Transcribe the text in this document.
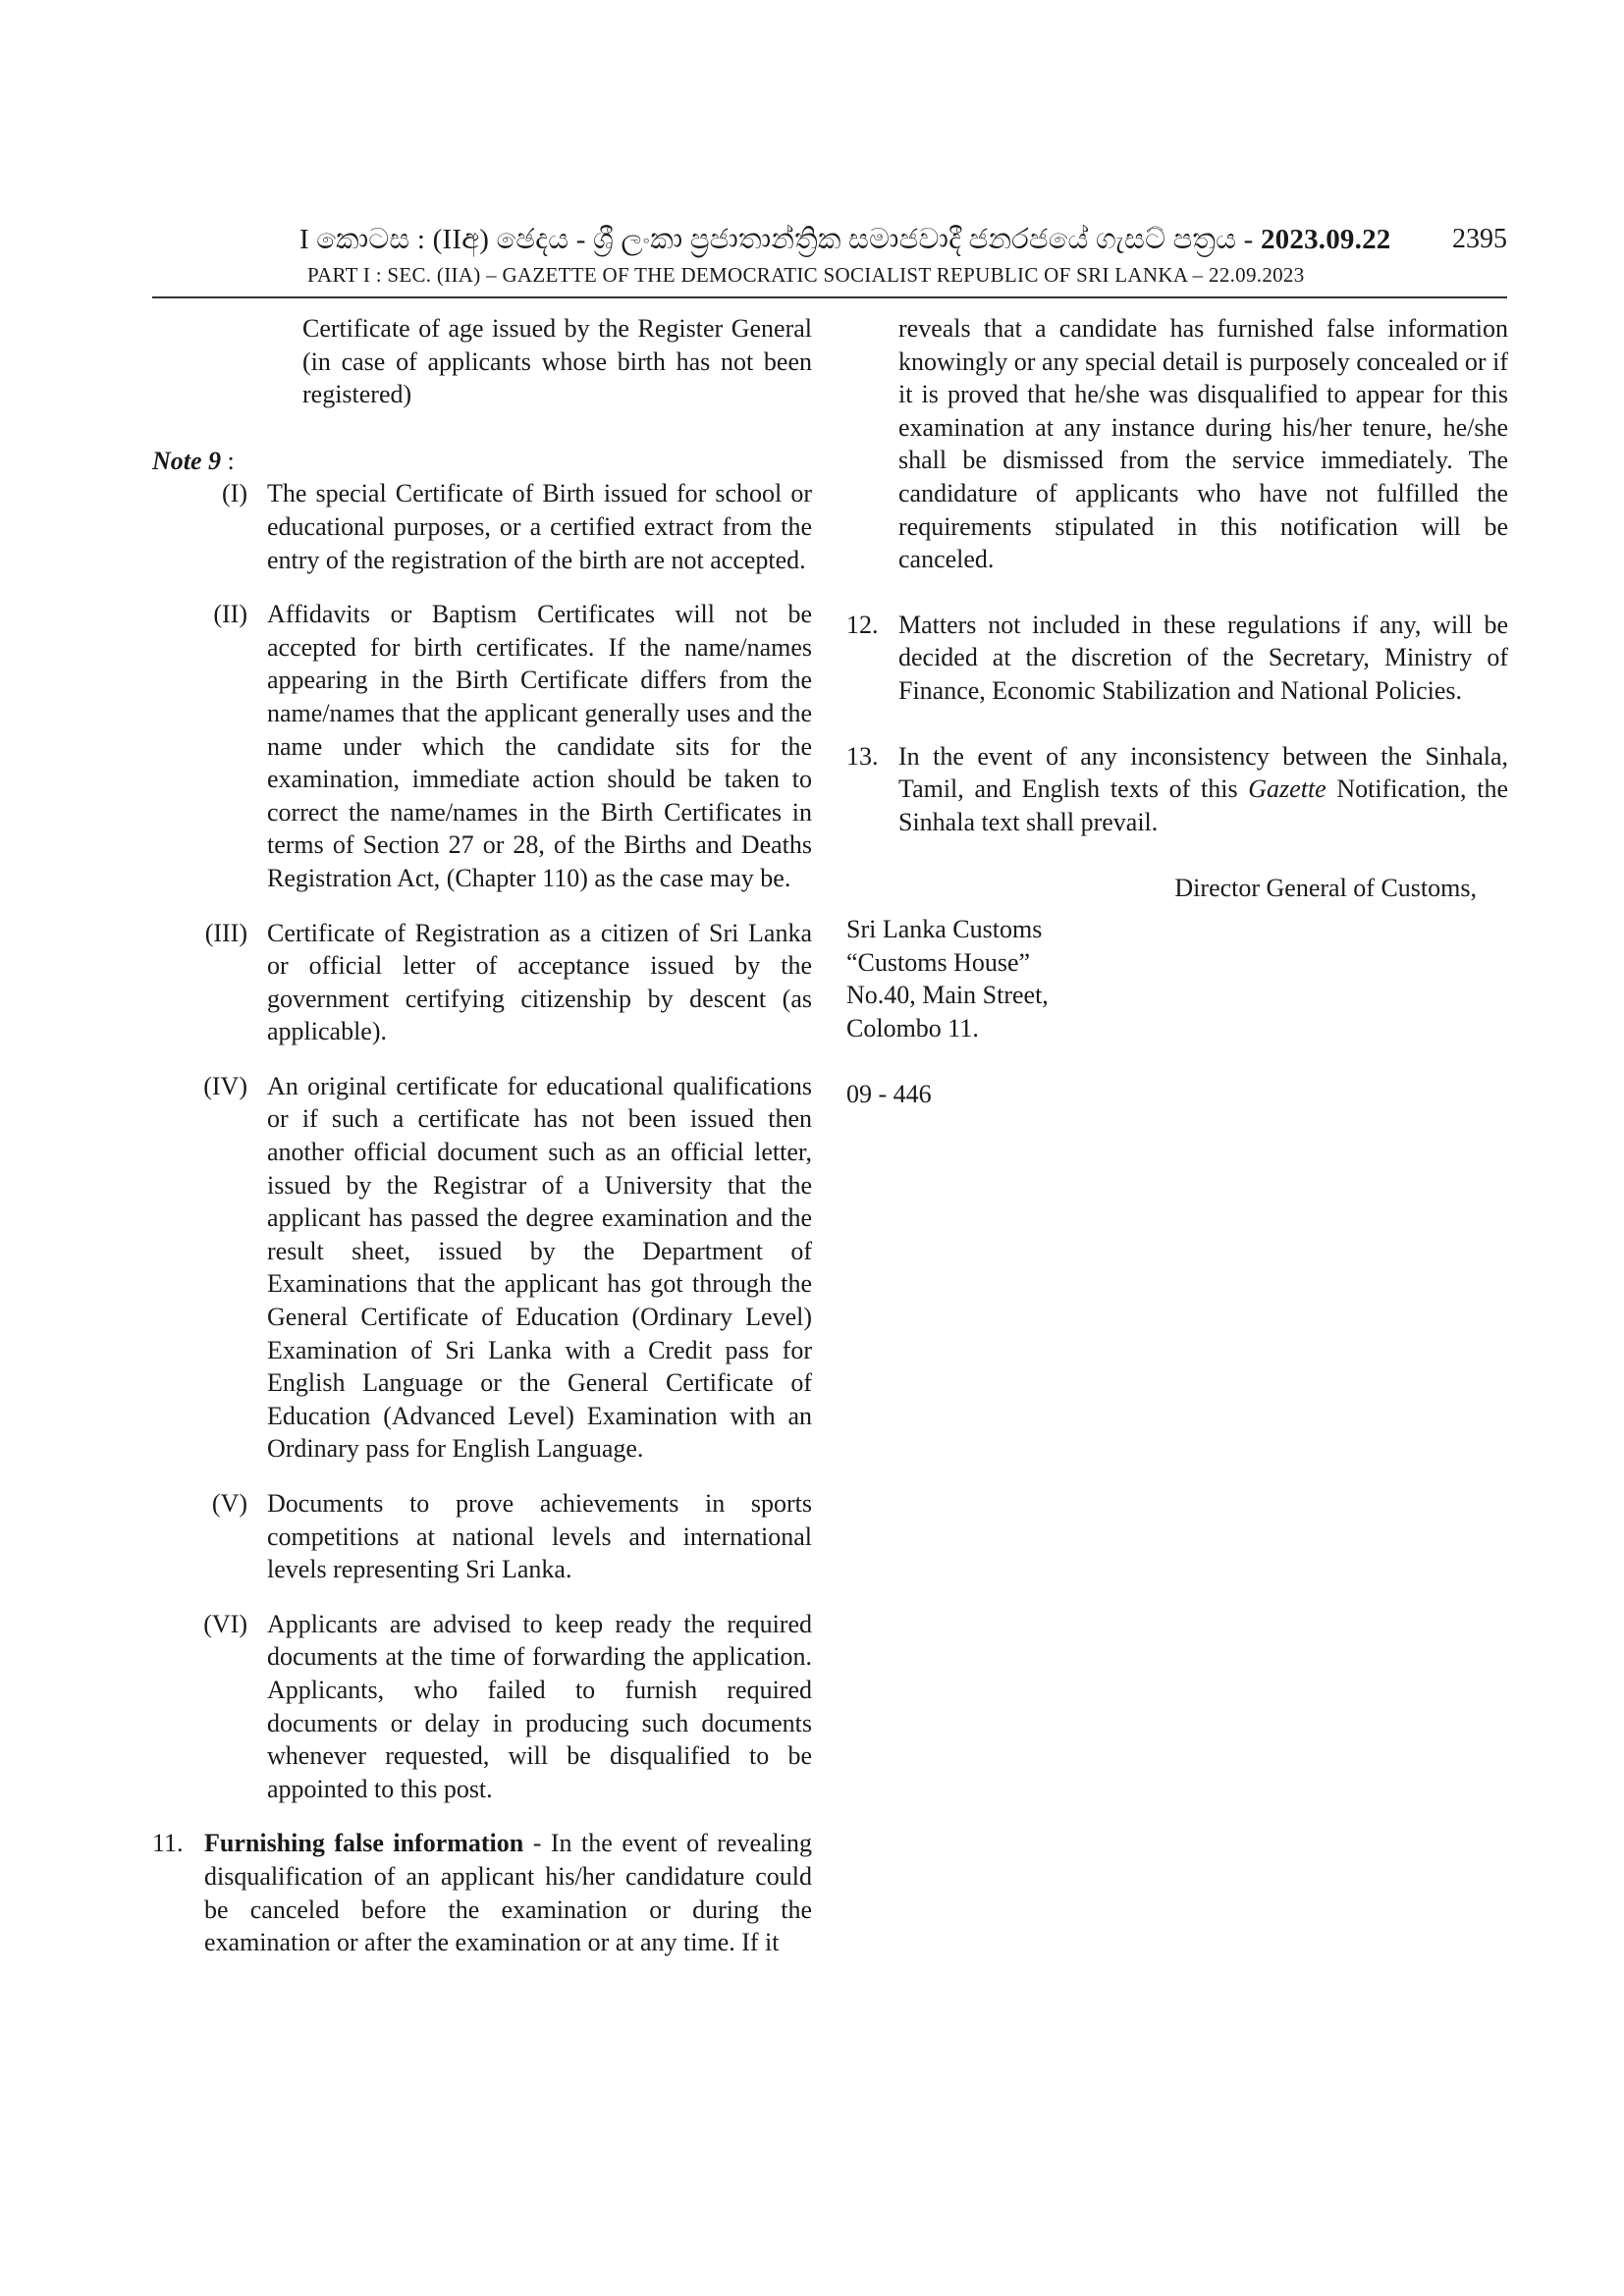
I කොටස : (IIඅ) ඡෙදය - ශ්‍රී ලංකා ප්‍රජාතාන්ත්‍රික සමාජවාදී ජනරජයේ ගැසට් පත්‍රය - 2023.09.22
PART I : SEC. (IIA) – GAZETTE OF THE DEMOCRATIC SOCIALIST REPUBLIC OF SRI LANKA – 22.09.2023
2395
Certificate of age issued by the Register General (in case of applicants whose birth has not been registered)
Note 9 :
(I) The special Certificate of Birth issued for school or educational purposes, or a certified extract from the entry of the registration of the birth are not accepted.
(II) Affidavits or Baptism Certificates will not be accepted for birth certificates. If the name/names appearing in the Birth Certificate differs from the name/names that the applicant generally uses and the name under which the candidate sits for the examination, immediate action should be taken to correct the name/names in the Birth Certificates in terms of Section 27 or 28, of the Births and Deaths Registration Act, (Chapter 110) as the case may be.
(III) Certificate of Registration as a citizen of Sri Lanka or official letter of acceptance issued by the government certifying citizenship by descent (as applicable).
(IV) An original certificate for educational qualifications or if such a certificate has not been issued then another official document such as an official letter, issued by the Registrar of a University that the applicant has passed the degree examination and the result sheet, issued by the Department of Examinations that the applicant has got through the General Certificate of Education (Ordinary Level) Examination of Sri Lanka with a Credit pass for English Language or the General Certificate of Education (Advanced Level) Examination with an Ordinary pass for English Language.
(V) Documents to prove achievements in sports competitions at national levels and international levels representing Sri Lanka.
(VI) Applicants are advised to keep ready the required documents at the time of forwarding the application. Applicants, who failed to furnish required documents or delay in producing such documents whenever requested, will be disqualified to be appointed to this post.
11. Furnishing false information - In the event of revealing disqualification of an applicant his/her candidature could be canceled before the examination or during the examination or after the examination or at any time. If it
reveals that a candidate has furnished false information knowingly or any special detail is purposely concealed or if it is proved that he/she was disqualified to appear for this examination at any instance during his/her tenure, he/she shall be dismissed from the service immediately. The candidature of applicants who have not fulfilled the requirements stipulated in this notification will be canceled.
12. Matters not included in these regulations if any, will be decided at the discretion of the Secretary, Ministry of Finance, Economic Stabilization and National Policies.
13. In the event of any inconsistency between the Sinhala, Tamil, and English texts of this Gazette Notification, the Sinhala text shall prevail.
Director General of Customs,
Sri Lanka Customs
“Customs House”
No.40, Main Street,
Colombo 11.
09 - 446
